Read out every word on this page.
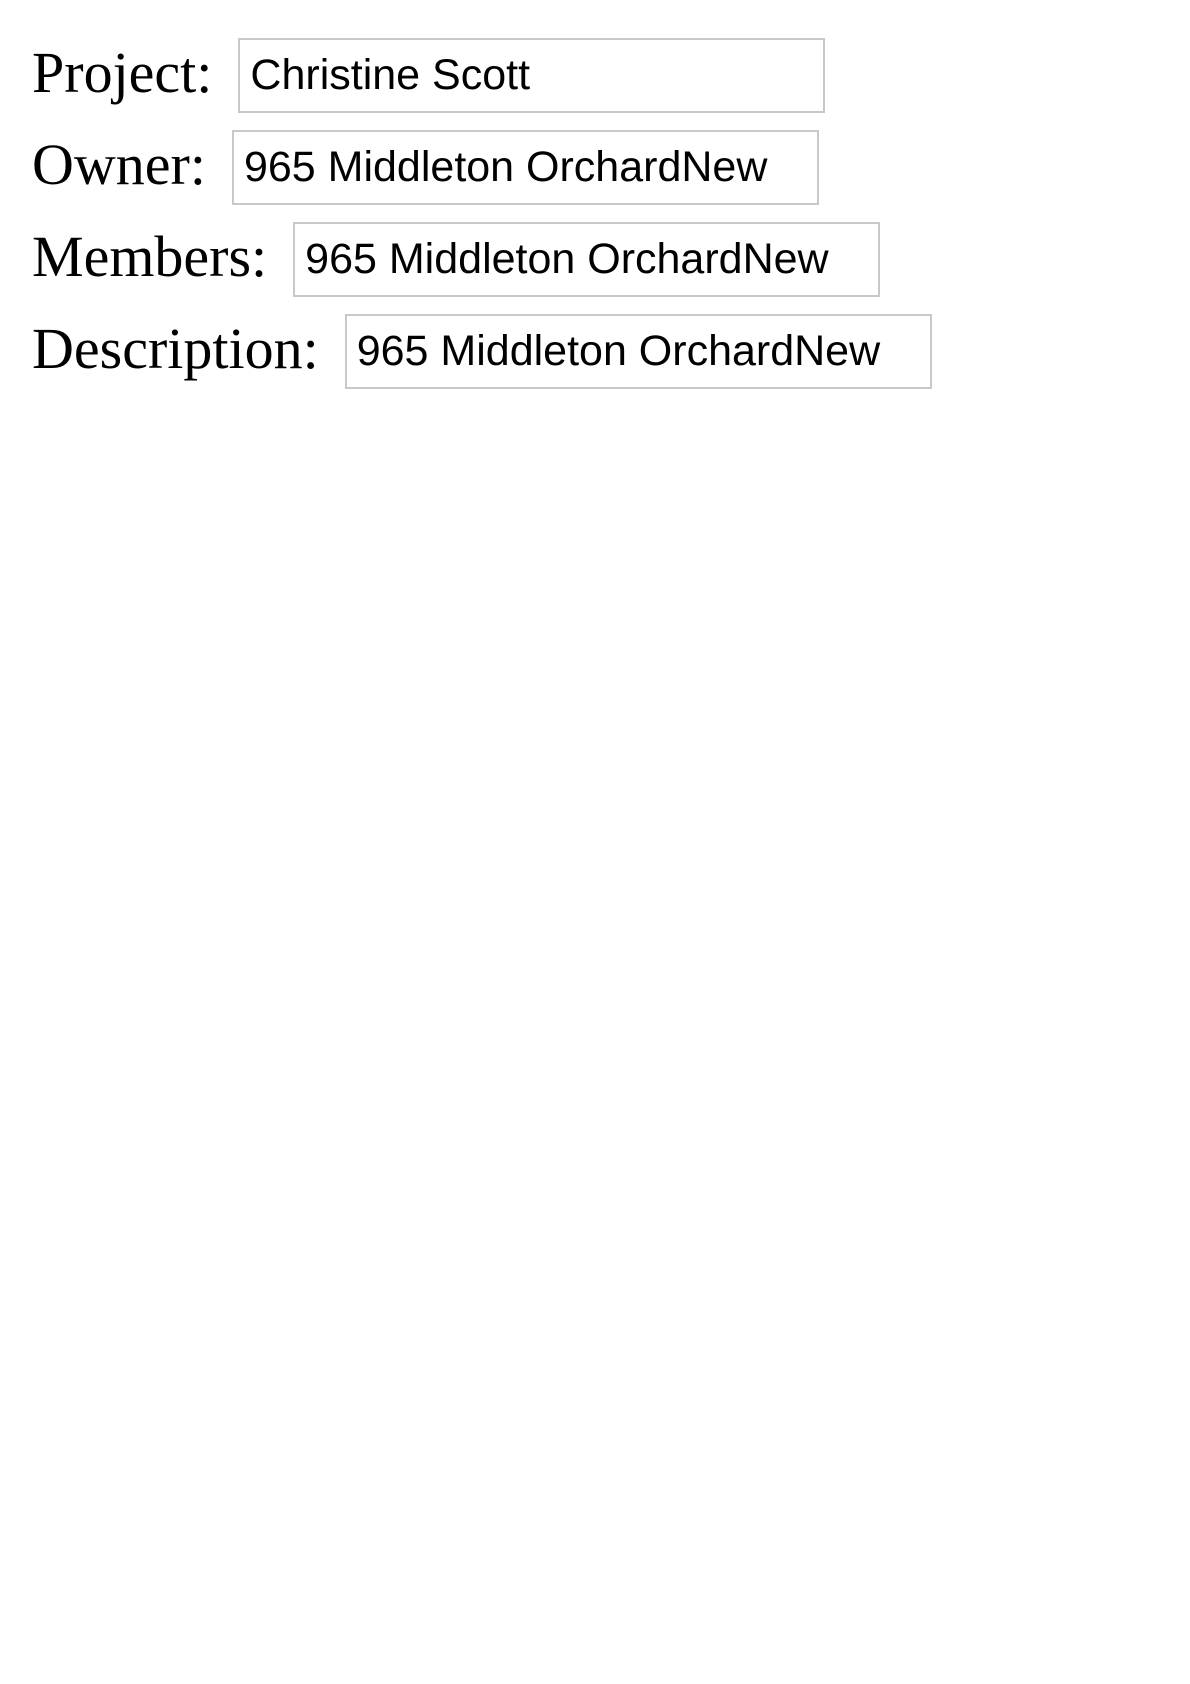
Project:
Christine Scott
Owner:
965 Middleton OrchardNew
Members:
965 Middleton OrchardNew
Description:
965 Middleton OrchardNew
